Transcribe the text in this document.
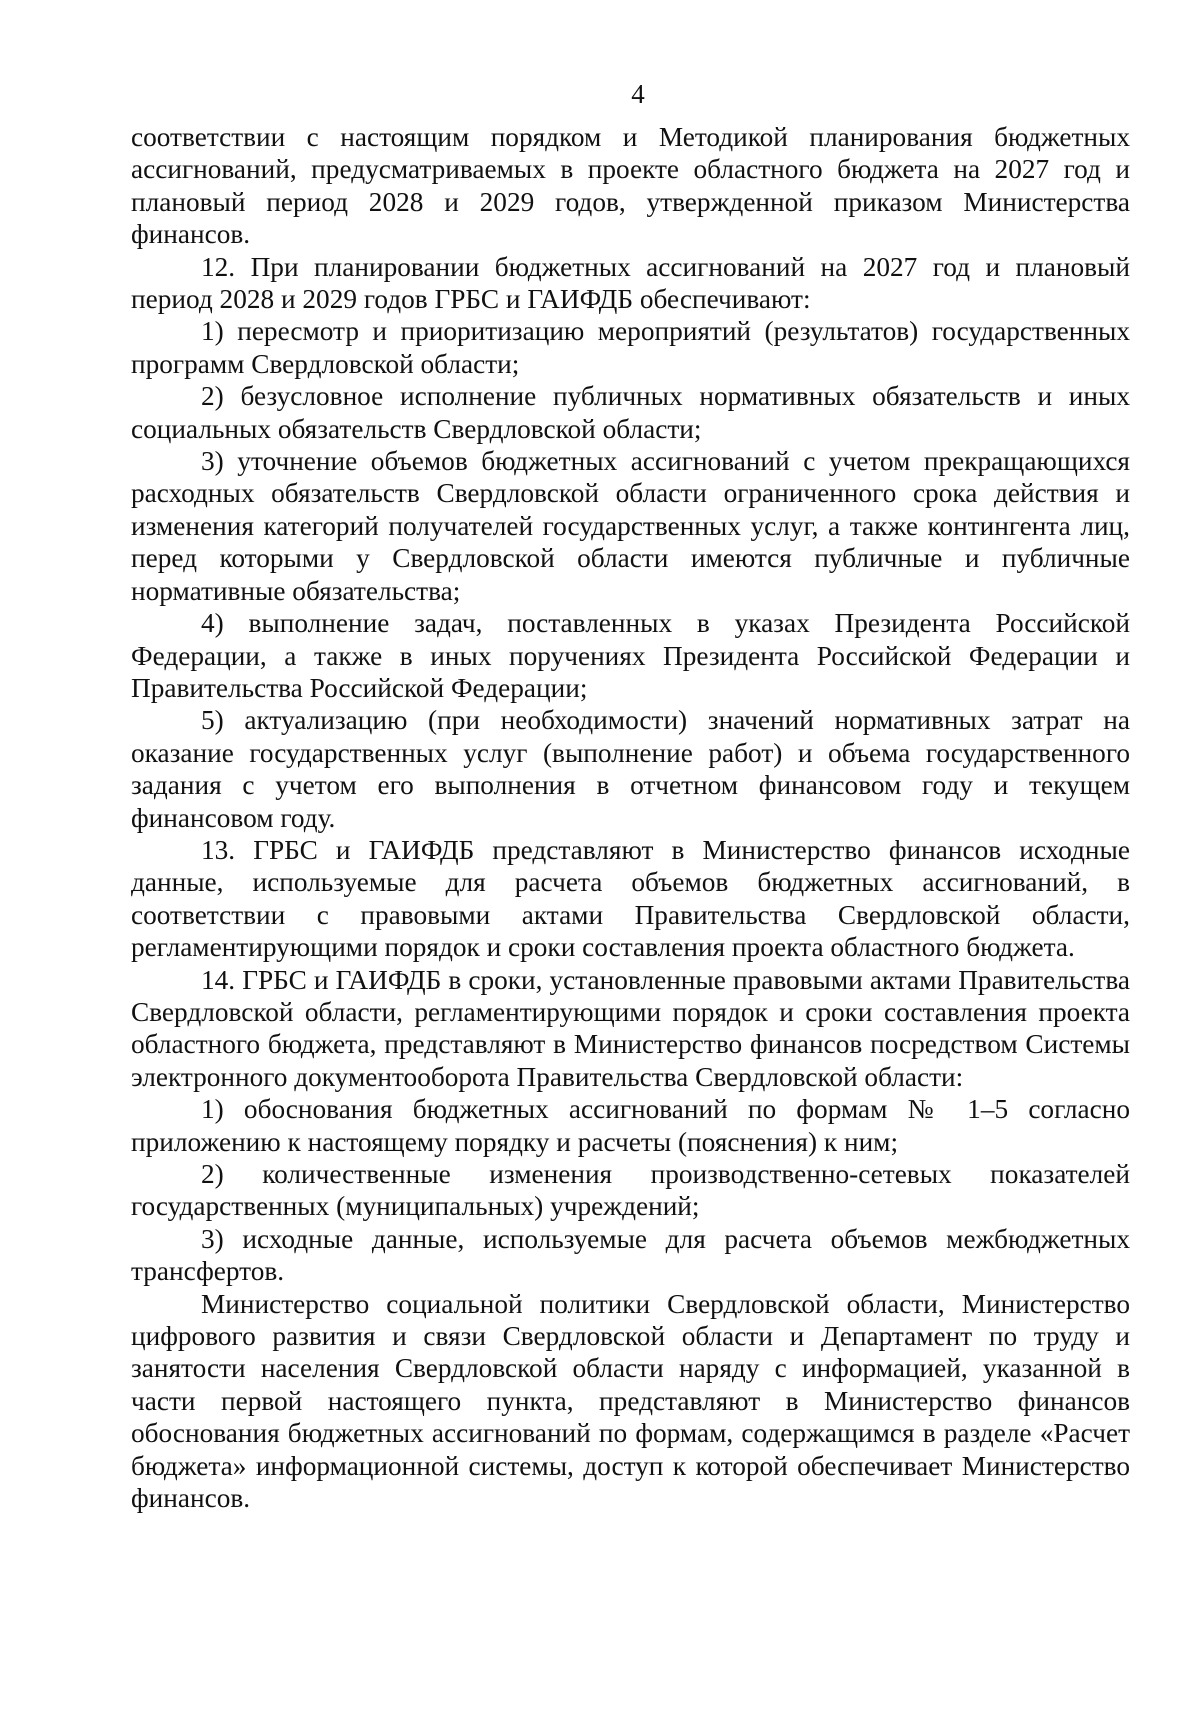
4

соответствии с настоящим порядком и Методикой планирования бюджетных ассигнований, предусматриваемых в проекте областного бюджета на 2027 год и плановый период 2028 и 2029 годов, утвержденной приказом Министерства финансов.

12. При планировании бюджетных ассигнований на 2027 год и плановый период 2028 и 2029 годов ГРБС и ГАИФДБ обеспечивают:

1) пересмотр и приоритизацию мероприятий (результатов) государственных программ Свердловской области;

2) безусловное исполнение публичных нормативных обязательств и иных социальных обязательств Свердловской области;

3) уточнение объемов бюджетных ассигнований с учетом прекращающихся расходных обязательств Свердловской области ограниченного срока действия и изменения категорий получателей государственных услуг, а также контингента лиц, перед которыми у Свердловской области имеются публичные и публичные нормативные обязательства;

4) выполнение задач, поставленных в указах Президента Российской Федерации, а также в иных поручениях Президента Российской Федерации и Правительства Российской Федерации;

5) актуализацию (при необходимости) значений нормативных затрат на оказание государственных услуг (выполнение работ) и объема государственного задания с учетом его выполнения в отчетном финансовом году и текущем финансовом году.

13. ГРБС и ГАИФДБ представляют в Министерство финансов исходные данные, используемые для расчета объемов бюджетных ассигнований, в соответствии с правовыми актами Правительства Свердловской области, регламентирующими порядок и сроки составления проекта областного бюджета.

14. ГРБС и ГАИФДБ в сроки, установленные правовыми актами Правительства Свердловской области, регламентирующими порядок и сроки составления проекта областного бюджета, представляют в Министерство финансов посредством Системы электронного документооборота Правительства Свердловской области:

1) обоснования бюджетных ассигнований по формам № 1–5 согласно приложению к настоящему порядку и расчеты (пояснения) к ним;

2) количественные изменения производственно-сетевых показателей государственных (муниципальных) учреждений;

3) исходные данные, используемые для расчета объемов межбюджетных трансфертов.

Министерство социальной политики Свердловской области, Министерство цифрового развития и связи Свердловской области и Департамент по труду и занятости населения Свердловской области наряду с информацией, указанной в части первой настоящего пункта, представляют в Министерство финансов обоснования бюджетных ассигнований по формам, содержащимся в разделе «Расчет бюджета» информационной системы, доступ к которой обеспечивает Министерство финансов.
